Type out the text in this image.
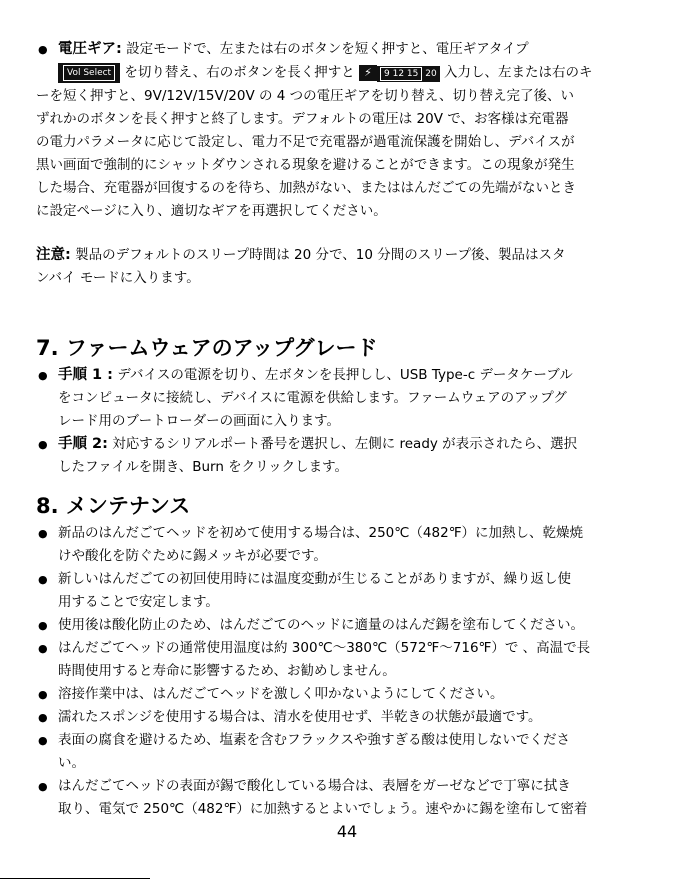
● 電圧ギア: 設定モードで、左または右のボタンを短く押すと、電圧ギアタイプ
Vol Select を切り替え、右のボタンを長く押すと ⚡ 9 12 15 20 入力し、左または右のキ
ーを短く押すと、9V/12V/15V/20V の 4 つの電圧ギアを切り替え、切り替え完了後、い
ずれかのボタンを長く押すと終了します。デフォルトの電圧は 20V で、お客様は充電器
の電力パラメータに応じて設定し、電力不足で充電器が過電流保護を開始し、デバイスが
黒い画面で強制的にシャットダウンされる現象を避けることができます。この現象が発生
した場合、充電器が回復するのを待ち、加熱がない、またははんだごての先端がないとき
に設定ページに入り、適切なギアを再選択してください。
注意: 製品のデフォルトのスリープ時間は 20 分で、10 分間のスリープ後、製品はスタ
ンバイ モードに入ります。
7. ファームウェアのアップグレード
● 手順 1 : デバイスの電源を切り、左ボタンを長押しし、USB Type-c データケーブル
をコンピュータに接続し、デバイスに電源を供給します。ファームウェアのアップグ
レード用のブートローダーの画面に入ります。
● 手順 2: 対応するシリアルポート番号を選択し、左側に ready が表示されたら、選択
したファイルを開き、Burn をクリックします。
8. メンテナンス
● 新品のはんだごてヘッドを初めて使用する場合は、250℃（482℉）に加熱し、乾燥焼
けや酸化を防ぐために錫メッキが必要です。
● 新しいはんだごての初回使用時には温度変動が生じることがありますが、繰り返し使
用することで安定します。
● 使用後は酸化防止のため、はんだごてのヘッドに適量のはんだ錫を塗布してください。
● はんだごてヘッドの通常使用温度は約 300℃～380℃（572℉～716℉）で 、高温で長
時間使用すると寿命に影響するため、お勧めしません。
● 溶接作業中は、はんだごてヘッドを激しく叩かないようにしてください。
● 濡れたスポンジを使用する場合は、清水を使用せず、半乾きの状態が最適です。
● 表面の腐食を避けるため、塩素を含むフラックスや強すぎる酸は使用しないでくださ
い。
● はんだごてヘッドの表面が錫で酸化している場合は、表層をガーゼなどで丁寧に拭き
取り、電気で 250℃（482℉）に加熱するとよいでしょう。速やかに錫を塗布して密着
44
